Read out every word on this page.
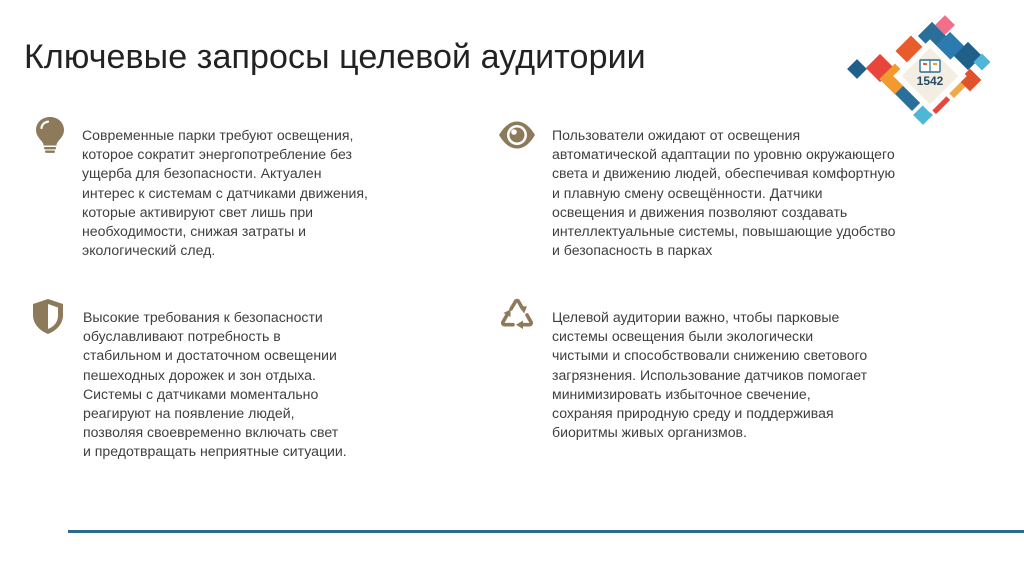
Ключевые запросы целевой аудитории
1542

Современные парки требуют освещения,
которое сократит энергопотребление без
ущерба для безопасности. Актуален
интерес к системам с датчиками движения,
которые активируют свет лишь при
необходимости, снижая затраты и
экологический след.

Пользователи ожидают от освещения
автоматической адаптации по уровню окружающего
света и движению людей, обеспечивая комфортную
и плавную смену освещённости. Датчики
освещения и движения позволяют создавать
интеллектуальные системы, повышающие удобство
и безопасность в парках

Высокие требования к безопасности
обуславливают потребность в
стабильном и достаточном освещении
пешеходных дорожек и зон отдыха.
Системы с датчиками моментально
реагируют на появление людей,
позволяя своевременно включать свет
и предотвращать неприятные ситуации.

Целевой аудитории важно, чтобы парковые
системы освещения были экологически
чистыми и способствовали снижению светового
загрязнения. Использование датчиков помогает
минимизировать избыточное свечение,
сохраняя природную среду и поддерживая
биоритмы живых организмов.
